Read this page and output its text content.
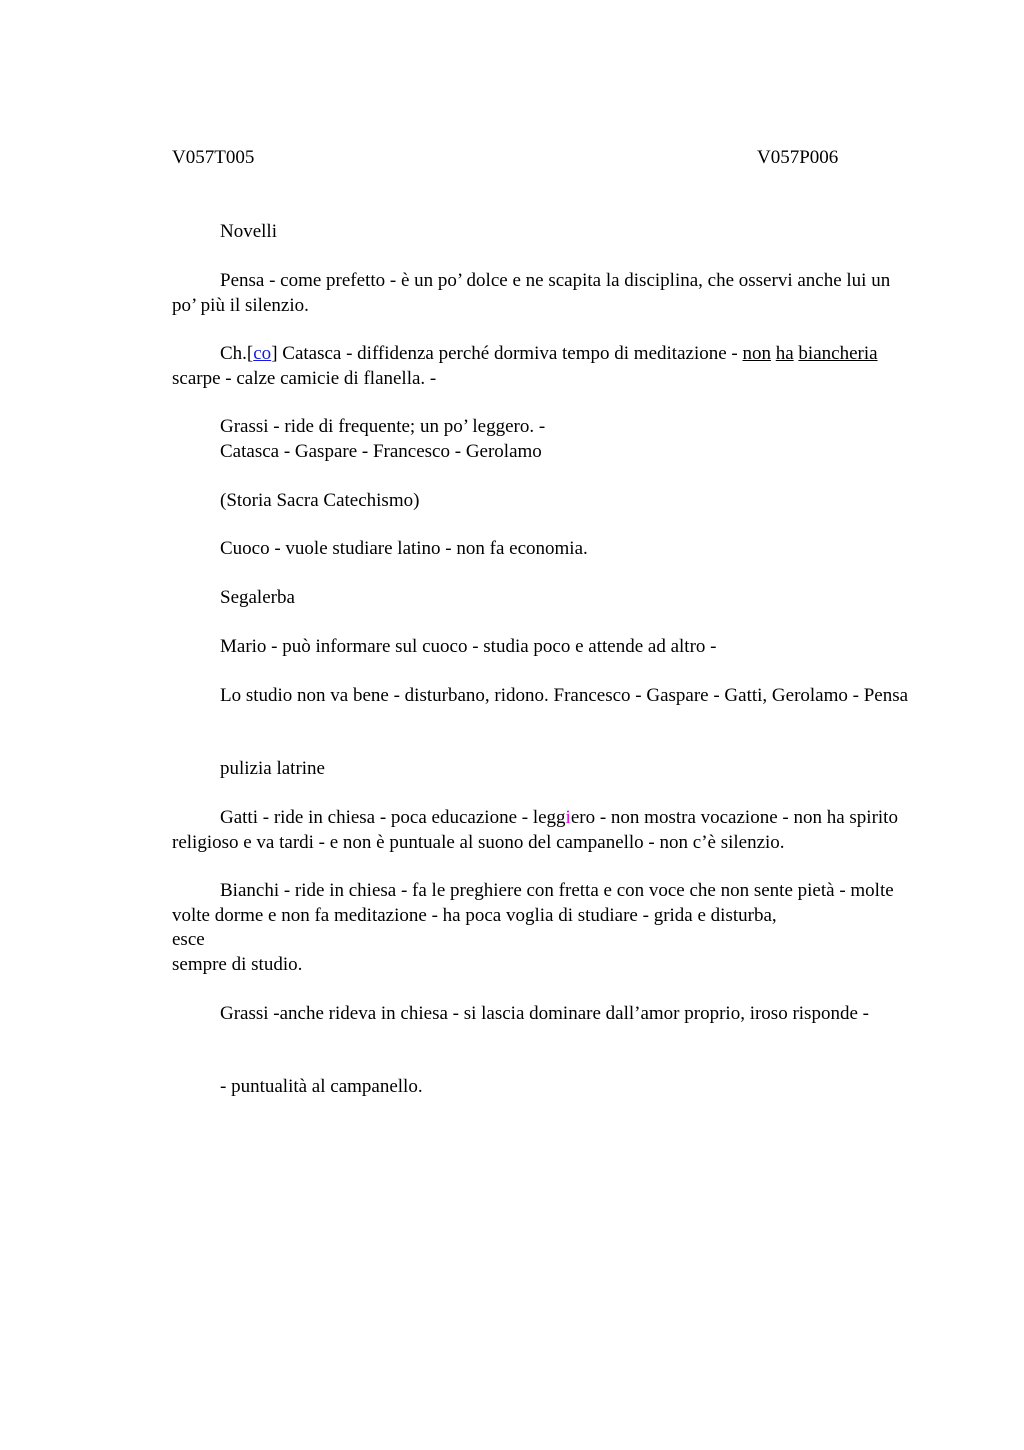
V057T005	V057P006

Novelli

Pensa - come prefetto - è un po’ dolce e ne scapita la disciplina, che osservi anche lui un po’ più il silenzio.

Ch.[co] Catasca - diffidenza perché dormiva tempo di meditazione - non ha biancheria scarpe - calze camicie di flanella. -

Grassi - ride di frequente; un po’ leggero. -

Catasca - Gaspare - Francesco - Gerolamo

(Storia Sacra Catechismo)

Cuoco - vuole studiare latino - non fa economia.

Segalerba

Mario - può informare sul cuoco - studia poco e attende ad altro -

Lo studio non va bene - disturbano, ridono. Francesco - Gaspare - Gatti, Gerolamo - Pensa

pulizia latrine

Gatti - ride in chiesa - poca educazione - leggiero - non mostra vocazione - non ha spirito religioso e va tardi - e non è puntuale al suono del campanello - non c’è silenzio.

Bianchi - ride in chiesa - fa le preghiere con fretta e con voce che non sente pietà - molte volte dorme e non fa meditazione - ha poca voglia di studiare - grida e disturba,
esce
sempre di studio.

Grassi -anche rideva in chiesa - si lascia dominare dall’amor proprio, iroso risponde -

- puntualità al campanello.
